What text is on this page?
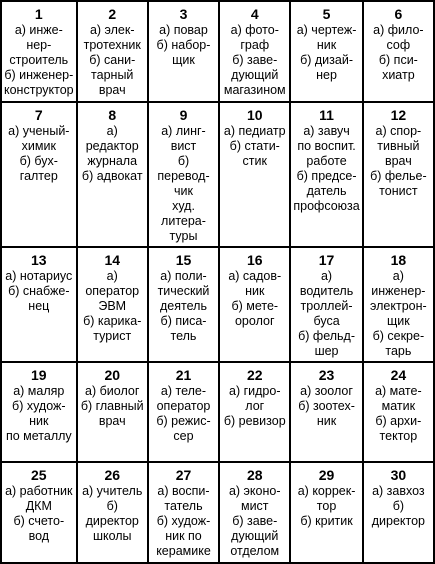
1
а) инже-
нер-
строитель
б) инженер-
конструктор
2
а) элек-
тротехник
б) сани-
тарный
врач
3
а) повар
б) набор-
щик
4
а) фото-
граф
б) заве-
дующий
магазином
5
а) чертеж-
ник
б) дизай-
нер
6
а) фило-
соф
б) пси-
хиатр
7
а) ученый-
химик
б) бух-
галтер
8
а) редактор
журнала
б) адвокат
9
а) линг-
вист
б) перевод-
чик
худ. литера-
туры
10
а) педиатр
б) стати-
стик
11
а) завуч
по воспит.
работе
б) предсе-
датель
профсоюза
12
а) спор-
тивный
врач
б) фелье-
тонист
13
а) нотариус
б) снабже-
нец
14
а) оператор
ЭВМ
б) карика-
турист
15
а) поли-
тический
деятель
б) писа-
тель
16
а) садов-
ник
б) мете-
оролог
17
а) водитель
троллей-
буса
б) фельд-
шер
18
а) инженер-
электрон-
щик
б) секре-
тарь
19
а) маляр
б) худож-
ник
по металлу
20
а) биолог
б) главный
врач
21
а) теле-
оператор
б) режис-
сер
22
а) гидро-
лог
б) ревизор
23
а) зоолог
б) зоотех-
ник
24
а) мате-
матик
б) архи-
тектор
25
а) работник
ДКМ
б) счето-
вод
26
а) учитель
б) директор
школы
27
а) воспи-
татель
б) худож-
ник по
керамике
28
а) эконо-
мист
б) заве-
дующий
отделом
29
а) коррек-
тор
б) критик
30
а) завхоз
б) директор
